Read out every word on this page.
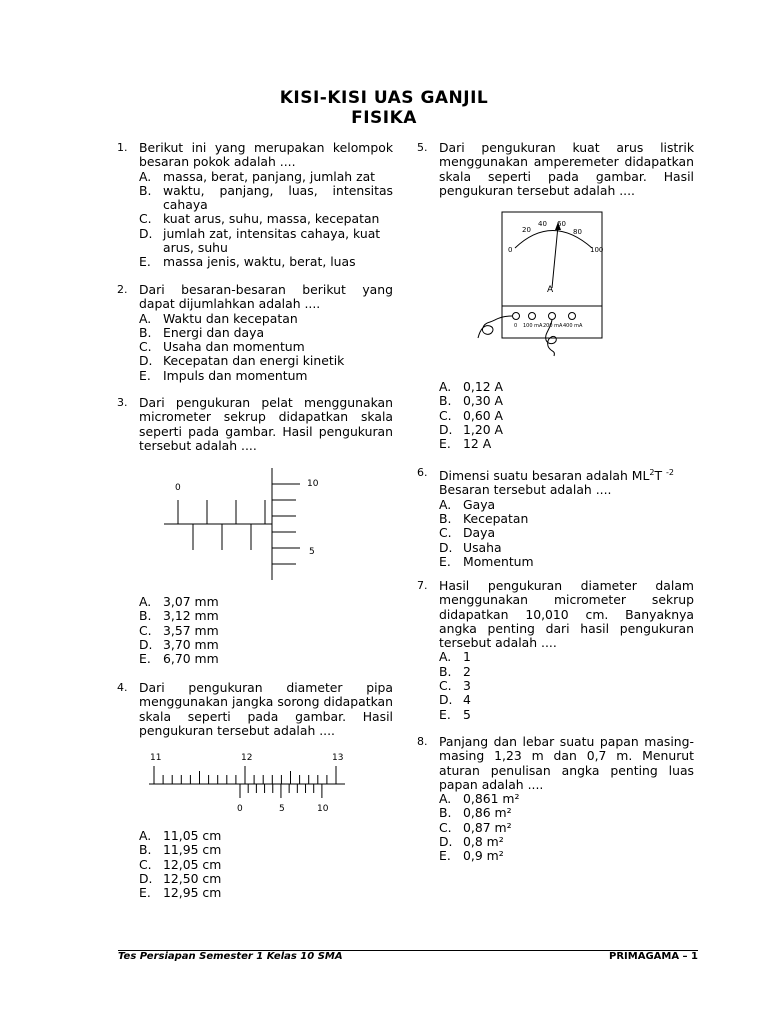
KISI-KISI UAS GANJIL
FISIKA
1. Berikut ini yang merupakan kelompok besaran pokok adalah ....
A. massa, berat, panjang, jumlah zat
B. waktu, panjang, luas, intensitas cahaya
C. kuat arus, suhu, massa, kecepatan
D. jumlah zat, intensitas cahaya, kuat arus, suhu
E. massa jenis, waktu, berat, luas
2. Dari besaran-besaran berikut yang dapat dijumlahkan adalah ....
A. Waktu dan kecepatan
B. Energi dan daya
C. Usaha dan momentum
D. Kecepatan dan energi kinetik
E. Impuls dan momentum
3. Dari pengukuran pelat menggunakan micrometer sekrup didapatkan skala seperti pada gambar. Hasil pengukuran tersebut adalah ....
0	10
5
A. 3,07 mm
B. 3,12 mm
C. 3,57 mm
D. 3,70 mm
E. 6,70 mm
4. Dari pengukuran diameter pipa menggunakan jangka sorong didapatkan skala seperti pada gambar. Hasil pengukuran tersebut adalah ....
11	12	13
0	5	10
A. 11,05 cm
B. 11,95 cm
C. 12,05 cm
D. 12,50 cm
E. 12,95 cm
5. Dari pengukuran kuat arus listrik menggunakan amperemeter didapatkan skala seperti pada gambar. Hasil pengukuran tersebut adalah ....
0
20
40 60
80
100
A
0 100 mA 200 mA 400 mA
A. 0,12 A
B. 0,30 A
C. 0,60 A
D. 1,20 A
E. 12 A
6. Dimensi suatu besaran adalah $ML^2T$ $^{-2}$
Besaran tersebut adalah ....
A. Gaya
B. Kecepatan
C. Daya
D. Usaha
E. Momentum
7. Hasil pengukuran diameter dalam menggunakan micrometer sekrup didapatkan 10,010 cm. Banyaknya angka penting dari hasil pengukuran tersebut adalah ....
A. 1
B. 2
C. 3
D. 4
E. 5
8. Panjang dan lebar suatu papan masing-masing 1,23 m dan 0,7 m. Menurut aturan penulisan angka penting luas papan adalah ....
A. 0,861 m²
B. 0,86 m²
C. 0,87 m²
D. 0,8 m²
E. 0,9 m²
Tes Persiapan Semester 1 Kelas 10 SMA	PRIMAGAMA – 1
